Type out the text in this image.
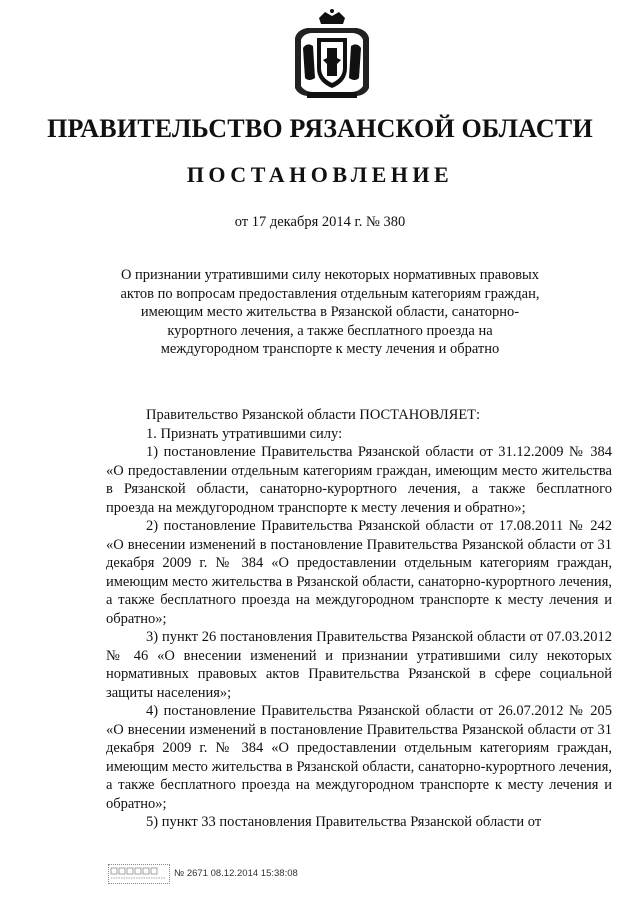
ПРАВИТЕЛЬСТВО РЯЗАНСКОЙ ОБЛАСТИ
ПОСТАНОВЛЕНИЕ
от 17 декабря 2014 г. № 380
О признании утратившими силу некоторых нормативных правовых актов по вопросам предоставления отдельным категориям граждан, имеющим место жительства в Рязанской области, санаторно-курортного лечения, а также бесплатного проезда на междугородном транспорте к месту лечения и обратно

Правительство Рязанской области ПОСТАНОВЛЯЕТ:

1. Признать утратившими силу:

1) постановление Правительства Рязанской области от 31.12.2009 № 384 «О предоставлении отдельным категориям граждан, имеющим место жительства в Рязанской области, санаторно-курортного лечения, а также бесплатного проезда на междугородном транспорте к месту лечения и обратно»;

2) постановление Правительства Рязанской области от 17.08.2011 № 242 «О внесении изменений в постановление Правительства Рязанской области от 31 декабря 2009 г. № 384 «О предоставлении отдельным категориям граждан, имеющим место жительства в Рязанской области, санаторно-курортного лечения, а также бесплатного проезда на междугородном транспорте к месту лечения и обратно»;

3) пункт 26 постановления Правительства Рязанской области от 07.03.2012 № 46 «О внесении изменений и признании утратившими силу некоторых нормативных правовых актов Правительства Рязанской в сфере социальной защиты населения»;

4) постановление Правительства Рязанской области от 26.07.2012 № 205 «О внесении изменений в постановление Правительства Рязанской области от 31 декабря 2009 г. № 384 «О предоставлении отдельным категориям граждан, имеющим место жительства в Рязанской области, санаторно-курортного лечения, а также бесплатного проезда на междугородном транспорте к месту лечения и обратно»;

5) пункт 33 постановления Правительства Рязанской области от

№ 2671 08.12.2014 15:38:08
